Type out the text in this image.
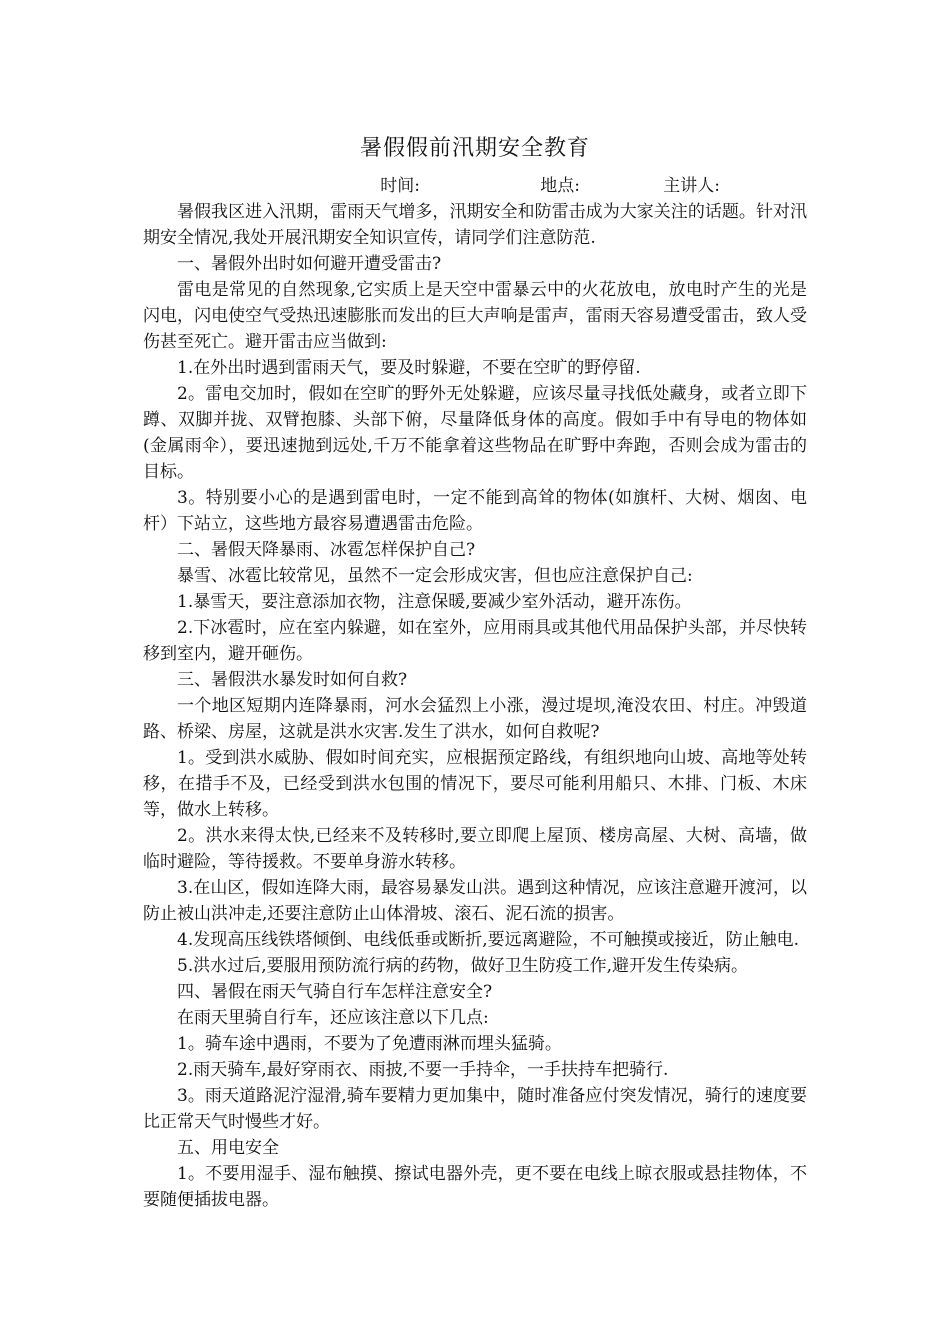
暑假假前汛期安全教育
时间:	地点:	主讲人:

暑假我区进入汛期，雷雨天气增多，汛期安全和防雷击成为大家关注的话题。针对汛期安全情况,我处开展汛期安全知识宣传，请同学们注意防范.

一、暑假外出时如何避开遭受雷击?

雷电是常见的自然现象,它实质上是天空中雷暴云中的火花放电，放电时产生的光是闪电，闪电使空气受热迅速膨胀而发出的巨大声响是雷声，雷雨天容易遭受雷击，致人受伤甚至死亡。避开雷击应当做到:

1.在外出时遇到雷雨天气，要及时躲避，不要在空旷的野停留.

2。雷电交加时，假如在空旷的野外无处躲避，应该尽量寻找低处藏身，或者立即下蹲、双脚并拢、双臂抱膝、头部下俯，尽量降低身体的高度。假如手中有导电的物体如(金属雨伞），要迅速抛到远处,千万不能拿着这些物品在旷野中奔跑，否则会成为雷击的目标。

3。特别要小心的是遇到雷电时，一定不能到高耸的物体(如旗杆、大树、烟囱、电杆）下站立，这些地方最容易遭遇雷击危险。

二、暑假天降暴雨、冰雹怎样保护自己?

暴雪、冰雹比较常见，虽然不一定会形成灾害，但也应注意保护自己:

1.暴雪天，要注意添加衣物，注意保暖,要减少室外活动，避开冻伤。

2.下冰雹时，应在室内躲避，如在室外，应用雨具或其他代用品保护头部，并尽快转移到室内，避开砸伤。

三、暑假洪水暴发时如何自救?

一个地区短期内连降暴雨，河水会猛烈上小涨，漫过堤坝,淹没农田、村庄。冲毁道路、桥梁、房屋，这就是洪水灾害.发生了洪水，如何自救呢?

1。受到洪水威胁、假如时间充实，应根据预定路线，有组织地向山坡、高地等处转移，在措手不及，已经受到洪水包围的情况下，要尽可能利用船只、木排、门板、木床等，做水上转移。

2。洪水来得太快,已经来不及转移时,要立即爬上屋顶、楼房高屋、大树、高墙，做临时避险，等待援救。不要单身游水转移。

3.在山区，假如连降大雨，最容易暴发山洪。遇到这种情况，应该注意避开渡河，以防止被山洪冲走,还要注意防止山体滑坡、滚石、泥石流的损害。

4.发现高压线铁塔倾倒、电线低垂或断折,要远离避险，不可触摸或接近，防止触电.

5.洪水过后,要服用预防流行病的药物，做好卫生防疫工作,避开发生传染病。

四、暑假在雨天气骑自行车怎样注意安全?

在雨天里骑自行车，还应该注意以下几点:

1。骑车途中遇雨，不要为了免遭雨淋而埋头猛骑。

2.雨天骑车,最好穿雨衣、雨披,不要一手持伞，一手扶持车把骑行.

3。雨天道路泥泞湿滑,骑车要精力更加集中，随时准备应付突发情况，骑行的速度要比正常天气时慢些才好。

五、用电安全

1。不要用湿手、湿布触摸、擦试电器外壳，更不要在电线上晾衣服或悬挂物体，不要随便插拔电器。
